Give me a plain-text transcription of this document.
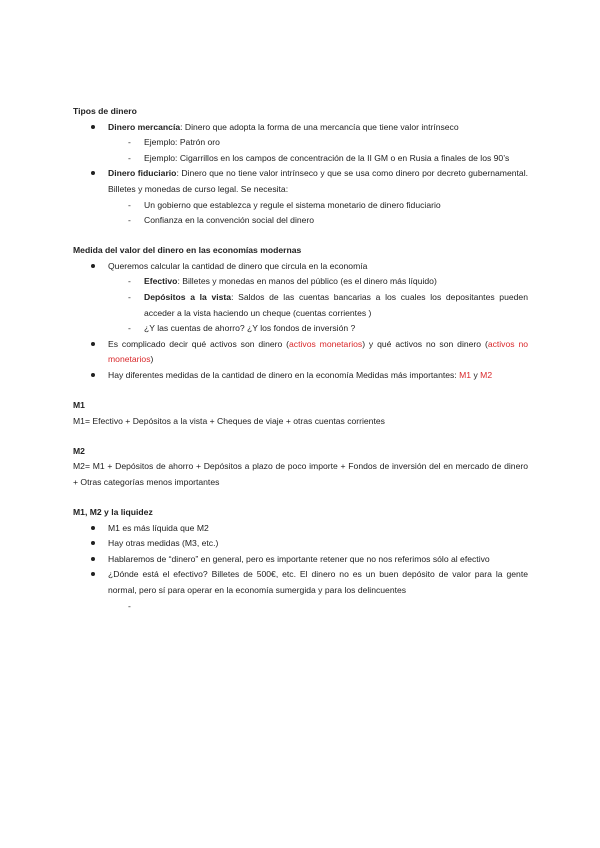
Tipos de dinero
Dinero mercancía: Dinero que adopta la forma de una mercancía que tiene valor intrínseco
- Ejemplo: Patrón oro
- Ejemplo: Cigarrillos en los campos de concentración de la II GM o en Rusia a finales de los 90’s
Dinero fiduciario: Dinero que no tiene valor intrínseco y que se usa como dinero por decreto gubernamental. Billetes y monedas de curso legal. Se necesita:
- Un gobierno que establezca y regule el sistema monetario de dinero fiduciario
- Confianza en la convención social del dinero
Medida del valor del dinero en las economías modernas
Queremos calcular la cantidad de dinero que circula en la economía
- Efectivo: Billetes y monedas en manos del público (es el dinero más líquido)
- Depósitos a la vista: Saldos de las cuentas bancarias a los cuales los depositantes pueden acceder a la vista haciendo un cheque (cuentas corrientes )
- ¿Y las cuentas de ahorro? ¿Y los fondos de inversión ?
Es complicado decir qué activos son dinero (activos monetarios) y qué activos no son dinero (activos no monetarios)
Hay diferentes medidas de la cantidad de dinero en la economía Medidas más importantes: M1 y M2
M1
M1= Efectivo + Depósitos a la vista + Cheques de viaje + otras cuentas corrientes
M2
M2= M1 + Depósitos de ahorro + Depósitos a plazo de poco importe + Fondos de inversión del en mercado de dinero + Otras categorías menos importantes
M1, M2 y la liquidez
M1 es más líquida que M2
Hay otras medidas (M3, etc.)
Hablaremos de “dinero” en general, pero es importante retener que no nos referimos sólo al efectivo
¿Dónde está el efectivo? Billetes de 500€, etc. El dinero no es un buen depósito de valor para la gente normal, pero sí para operar en la economía sumergida y para los delincuentes
-
